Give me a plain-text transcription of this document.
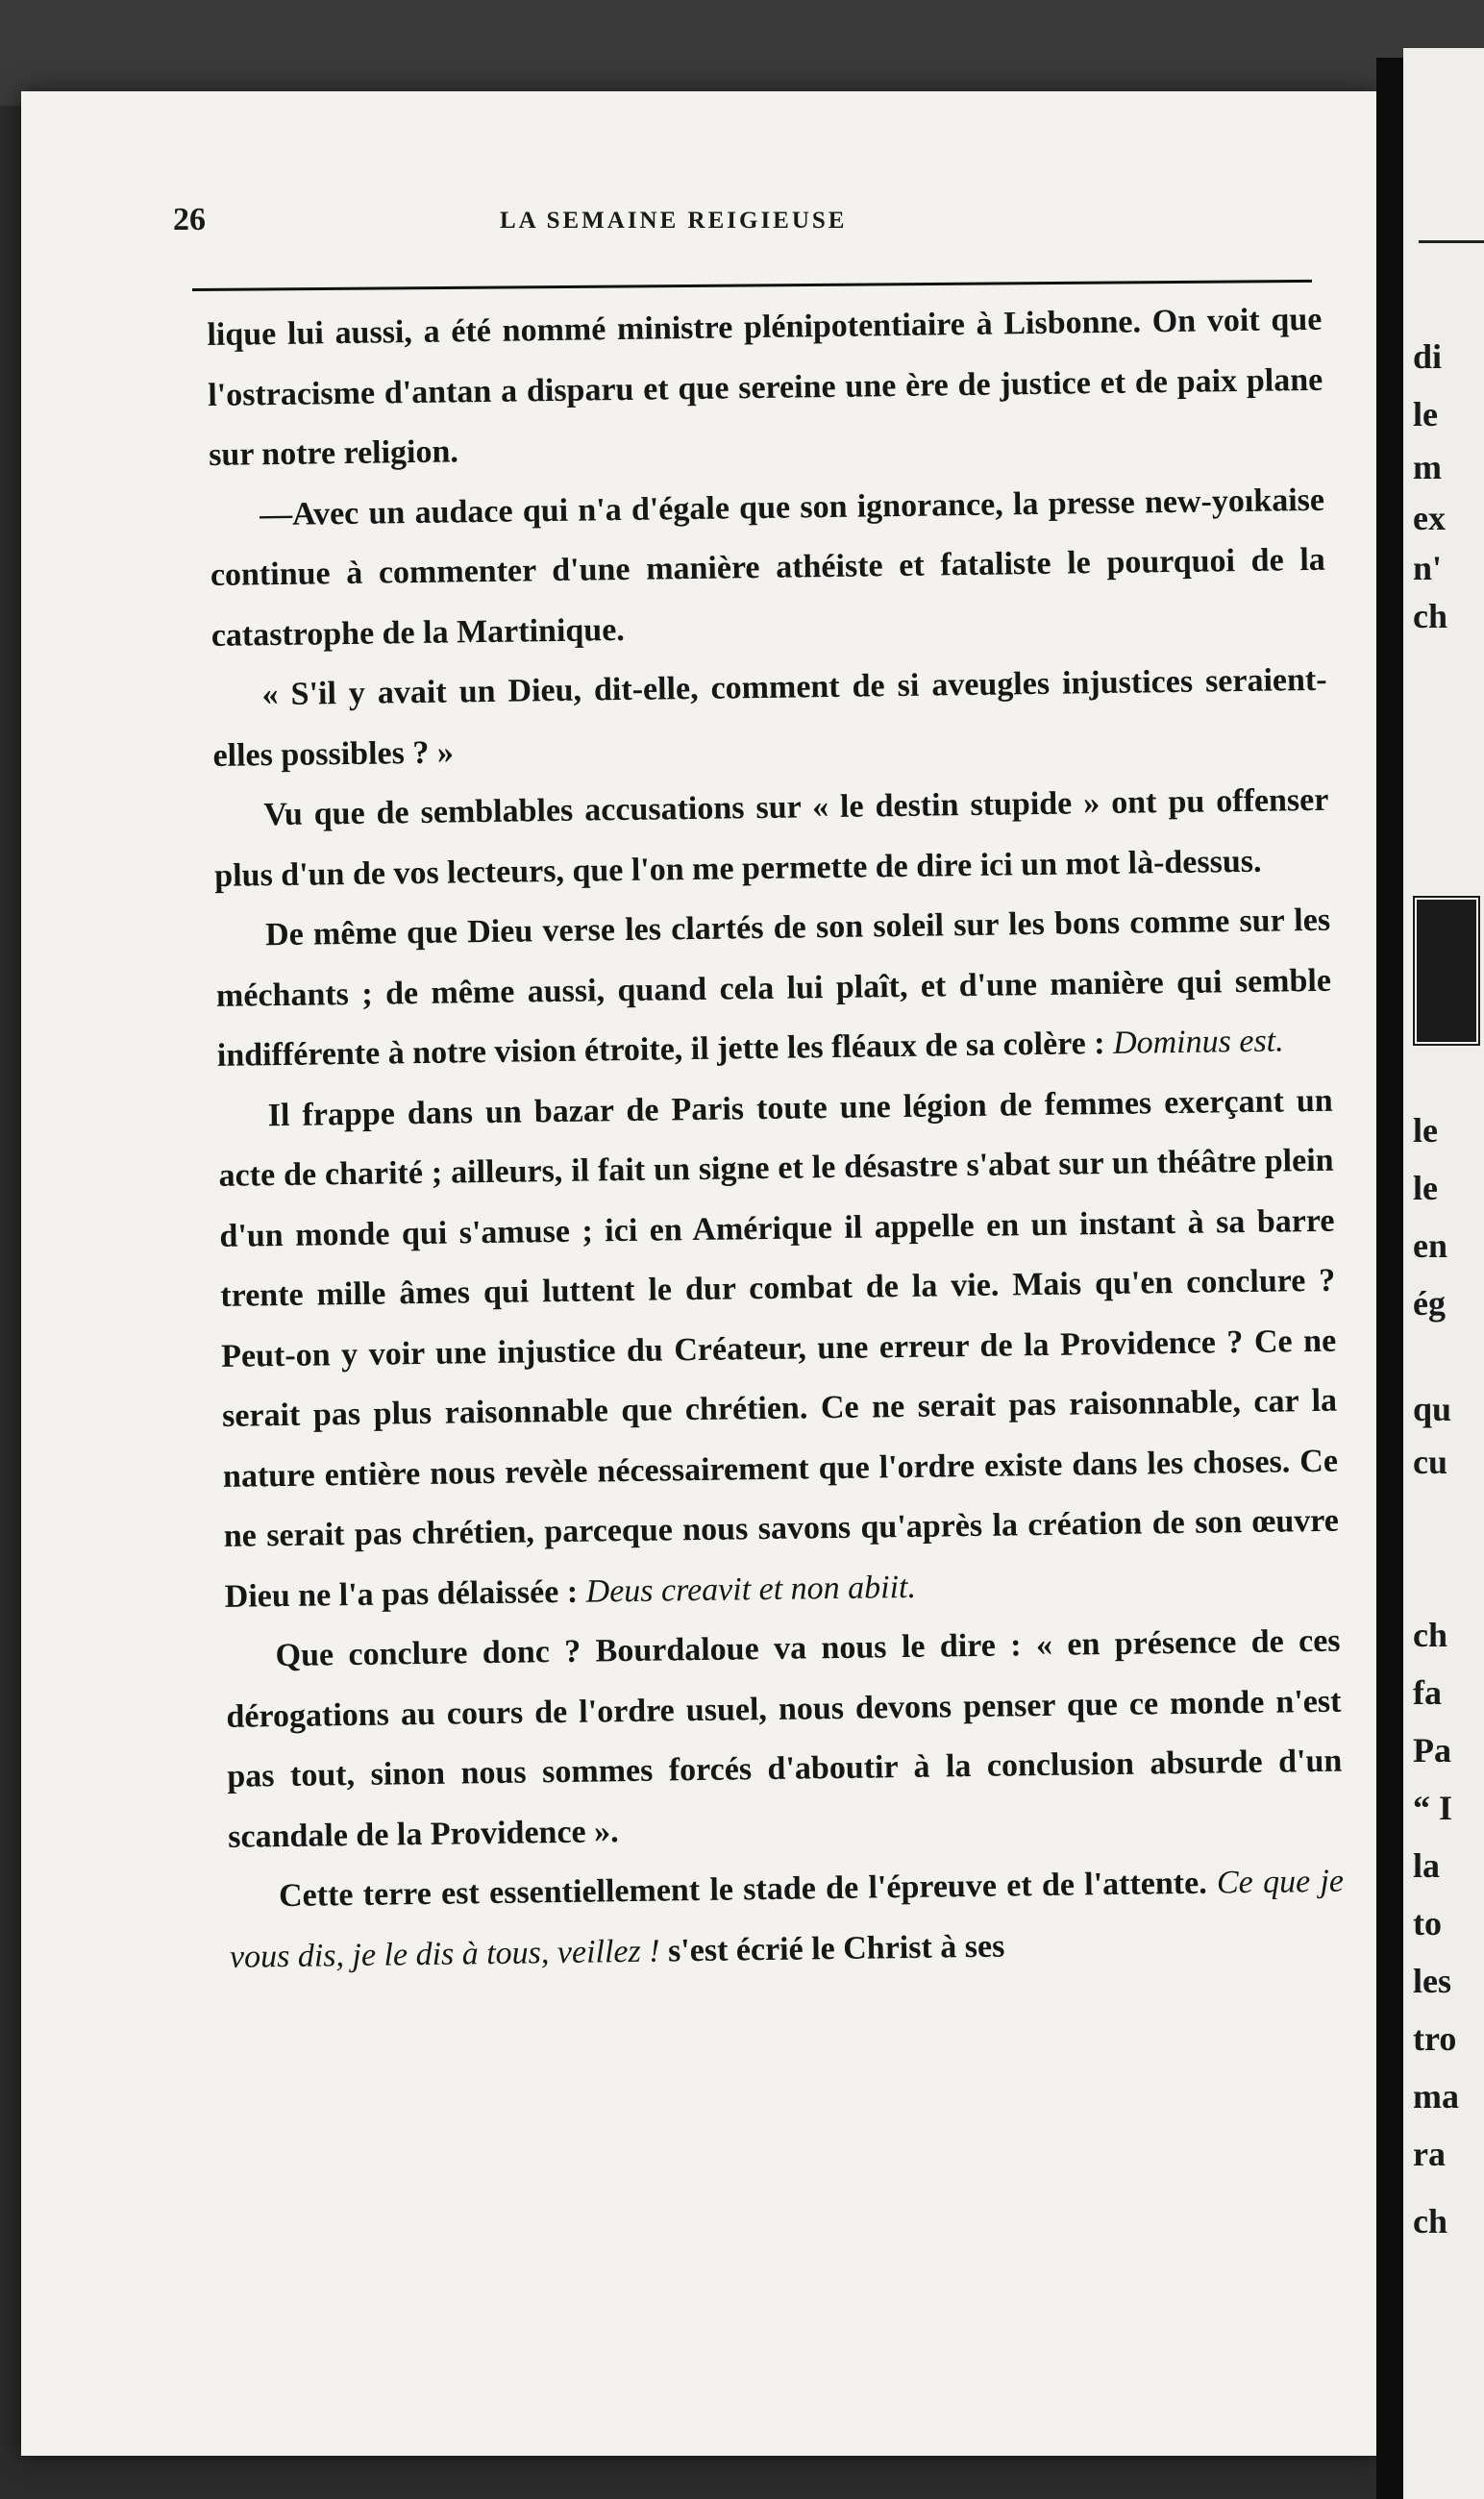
di
le
m
ex
n'
ch
le
le
en
ég
qu
cu
ch
fa
Pa
“ I
la
to
les
tro
ma
ra
ch
26	LA SEMAINE REIGIEUSE

lique lui aussi, a été nommé ministre plénipotentiaire à Lisbonne. On voit que l'ostracisme d'antan a disparu et que sereine une ère de justice et de paix plane sur notre religion.

—Avec un audace qui n'a d'égale que son ignorance, la presse new-yoıkaise continue à commenter d'une manière athéiste et fataliste le pourquoi de la catastrophe de la Martinique.

« S'il y avait un Dieu, dit-elle, comment de si aveugles injustices seraient-elles possibles ? »

Vu que de semblables accusations sur « le destin stupide » ont pu offenser plus d'un de vos lecteurs, que l'on me permette de dire ici un mot là-dessus.

De même que Dieu verse les clartés de son soleil sur les bons comme sur les méchants ; de même aussi, quand cela lui plaît, et d'une manière qui semble indifférente à notre vision étroite, il jette les fléaux de sa colère : Dominus est.

Il frappe dans un bazar de Paris toute une légion de femmes exerçant un acte de charité ; ailleurs, il fait un signe et le désastre s'abat sur un théâtre plein d'un monde qui s'amuse ; ici en Amérique il appelle en un instant à sa barre trente mille âmes qui luttent le dur combat de la vie. Mais qu'en conclure ? Peut-on y voir une injustice du Créateur, une erreur de la Providence ? Ce ne serait pas plus raisonnable que chrétien. Ce ne serait pas raisonnable, car la nature entière nous revèle nécessairement que l'ordre existe dans les choses. Ce ne serait pas chrétien, parceque nous savons qu'après la création de son œuvre Dieu ne l'a pas délaissée : Deus creavit et non abiit.

Que conclure donc ? Bourdaloue va nous le dire : « en présence de ces dérogations au cours de l'ordre usuel, nous devons penser que ce monde n'est pas tout, sinon nous sommes forcés d'aboutir à la conclusion absurde d'un scandale de la Providence ».

Cette terre est essentiellement le stade de l'épreuve et de l'attente. Ce que je vous dis, je le dis à tous, veillez ! s'est écrié le Christ à ses
